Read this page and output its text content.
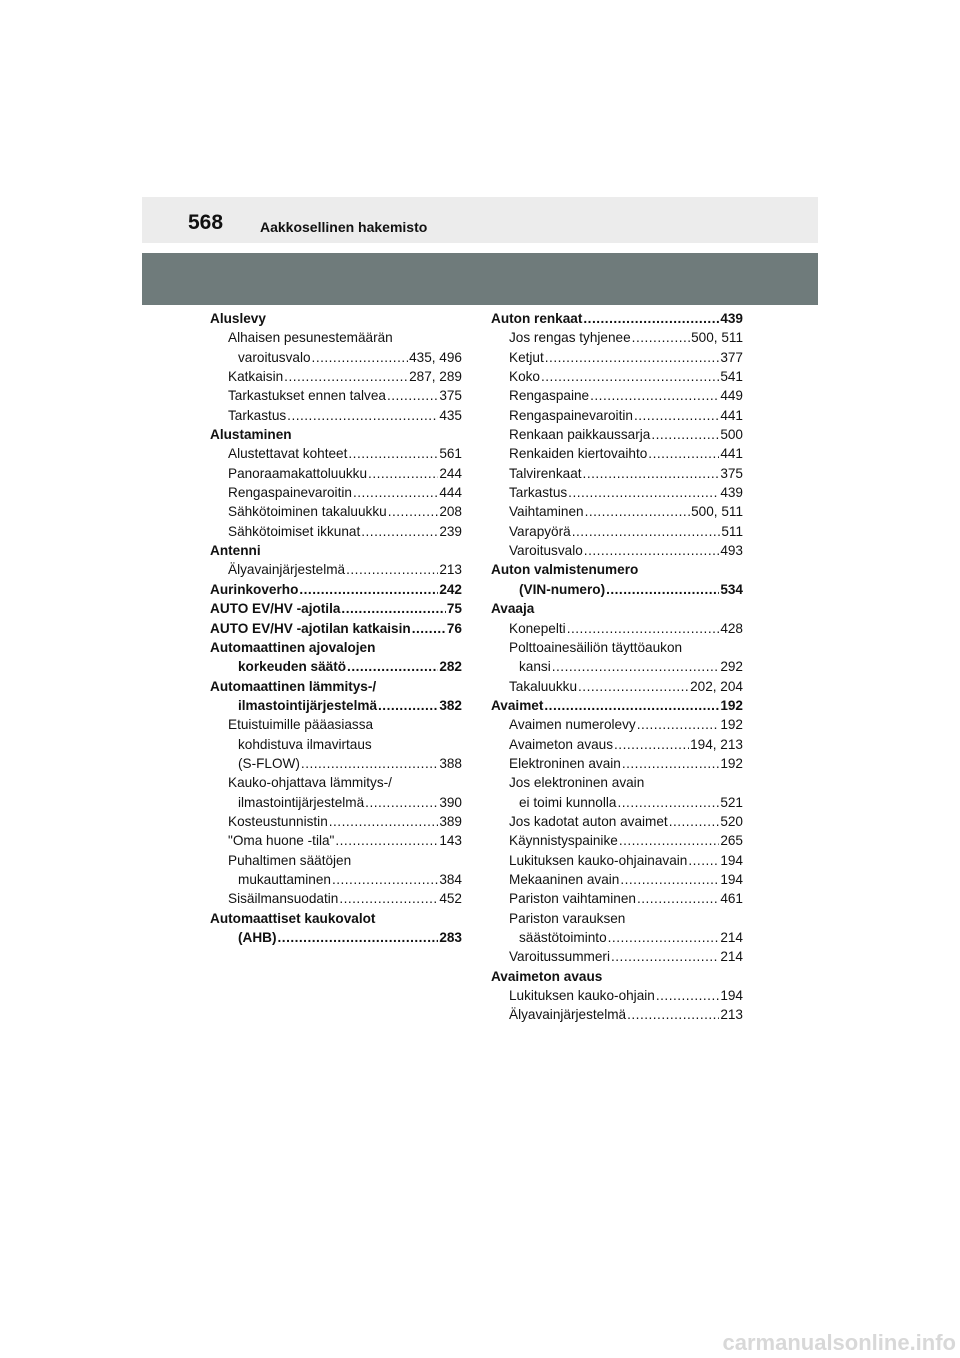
568	Aakkosellinen hakemisto
Aluslevy
Alhaisen pesunestemäärän
varoitusvalo .....	435, 496
Katkaisin .....	287, 289
Tarkastukset ennen talvea .....	375
Tarkastus .....	435
Alustaminen
Alustettavat kohteet .....	561
Panoraamakattoluukku .....	244
Rengaspainevaroitin .....	444
Sähkötoiminen takaluukku .....	208
Sähkötoimiset ikkunat .....	239
Antenni
Älyavainjärjestelmä .....	213
Aurinkoverho .....	242
AUTO EV/HV -ajotila .....	75
AUTO EV/HV -ajotilan katkaisin .....	76
Automaattinen ajovalojen
korkeuden säätö .....	282
Automaattinen lämmitys-/
ilmastointijärjestelmä .....	382
Etuistuimille pääasiassa
kohdistuva ilmavirtaus
(S-FLOW) .....	388
Kauko-ohjattava lämmitys-/
ilmastointijärjestelmä .....	390
Kosteustunnistin .....	389
"Oma huone -tila" .....	143
Puhaltimen säätöjen
mukauttaminen .....	384
Sisäilmansuodatin .....	452
Automaattiset kaukovalot
(AHB) .....	283
Auton renkaat .....	439
Jos rengas tyhjenee .....	500, 511
Ketjut .....	377
Koko .....	541
Rengaspaine .....	449
Rengaspainevaroitin .....	441
Renkaan paikkaussarja .....	500
Renkaiden kiertovaihto .....	441
Talvirenkaat .....	375
Tarkastus .....	439
Vaihtaminen .....	500, 511
Varapyörä .....	511
Varoitusvalo .....	493
Auton valmistenumero
(VIN-numero) .....	534
Avaaja
Konepelti .....	428
Polttoainesäiliön täyttöaukon
kansi .....	292
Takaluukku .....	202, 204
Avaimet .....	192
Avaimen numerolevy .....	192
Avaimeton avaus .....	194, 213
Elektroninen avain .....	192
Jos elektroninen avain
ei toimi kunnolla .....	521
Jos kadotat auton avaimet .....	520
Käynnistyspainike .....	265
Lukituksen kauko-ohjainavain ..... 194
Mekaaninen avain .....	194
Pariston vaihtaminen .....	461
Pariston varauksen
säästötoiminto .....	214
Varoitussummeri .....	214
Avaimeton avaus
Lukituksen kauko-ohjain .....	194
Älyavainjärjestelmä .....	213
carmanualsonline.info
